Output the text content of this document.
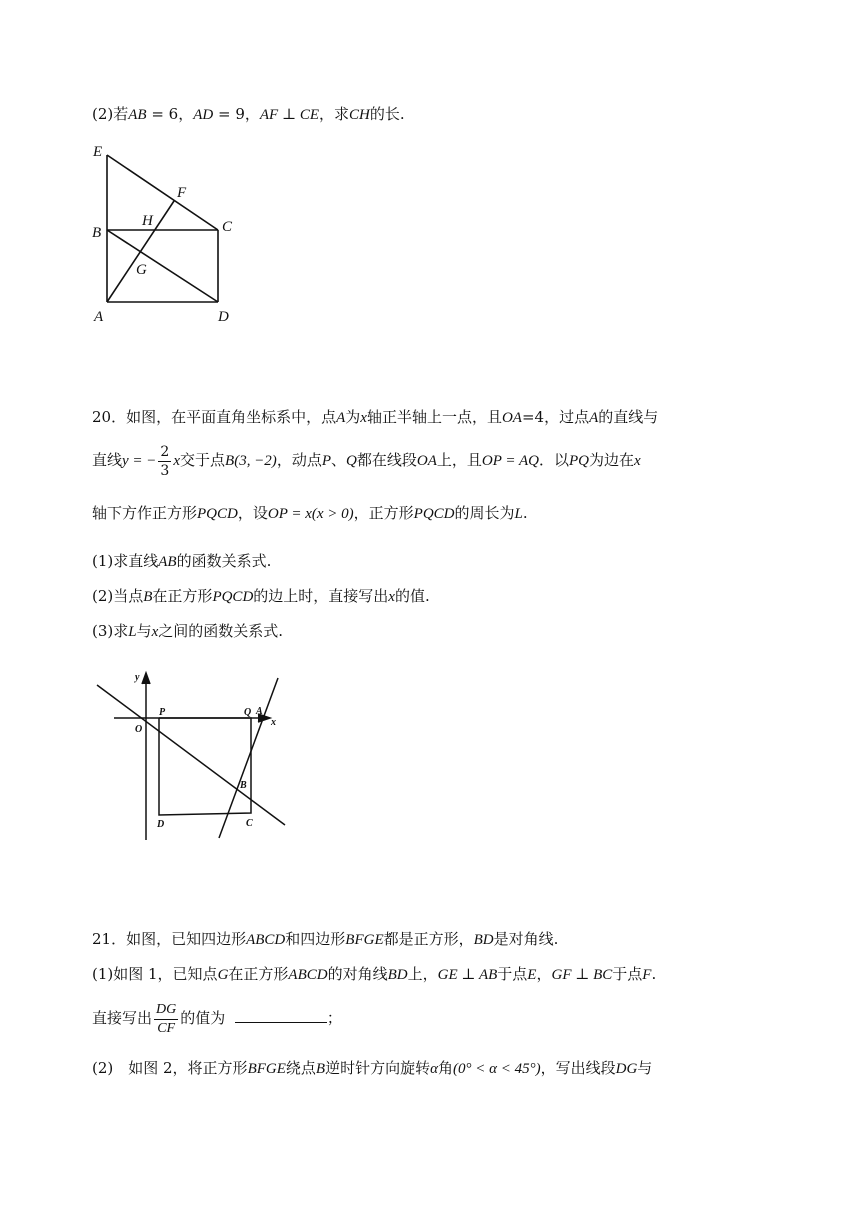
(2)若AB = 6，AD = 9，AF ⊥ CE，求CH的长.
E
F
H	C
B
G
A	D
20．如图，在平面直角坐标系中，点A为x轴正半轴上一点，且OA=4，过点A的直线与
直线y = − $\frac{2}{3}$ x交于点B(3, −2)，动点P、Q都在线段OA上，且OP = AQ．以PQ为边在x
轴下方作正方形PQCD，设OP = x(x > 0)，正方形PQCD的周长为L.
(1)求直线AB的函数关系式.
(2)当点B在正方形PQCD的边上时，直接写出x的值.
(3)求L与x之间的函数关系式.
y
x
O
P	Q A
B
C
D
21．如图，已知四边形ABCD和四边形BFGE都是正方形，BD是对角线.
(1)如图 1，已知点G在正方形ABCD的对角线BD上，GE ⊥ AB于点E，GF ⊥ BC于点F.
直接写出 $\frac{DG}{CF}$ 的值为	；
(2)　如图 2，将正方形BFGE绕点B逆时针方向旋转α角(0° < α < 45°)，写出线段DG与
